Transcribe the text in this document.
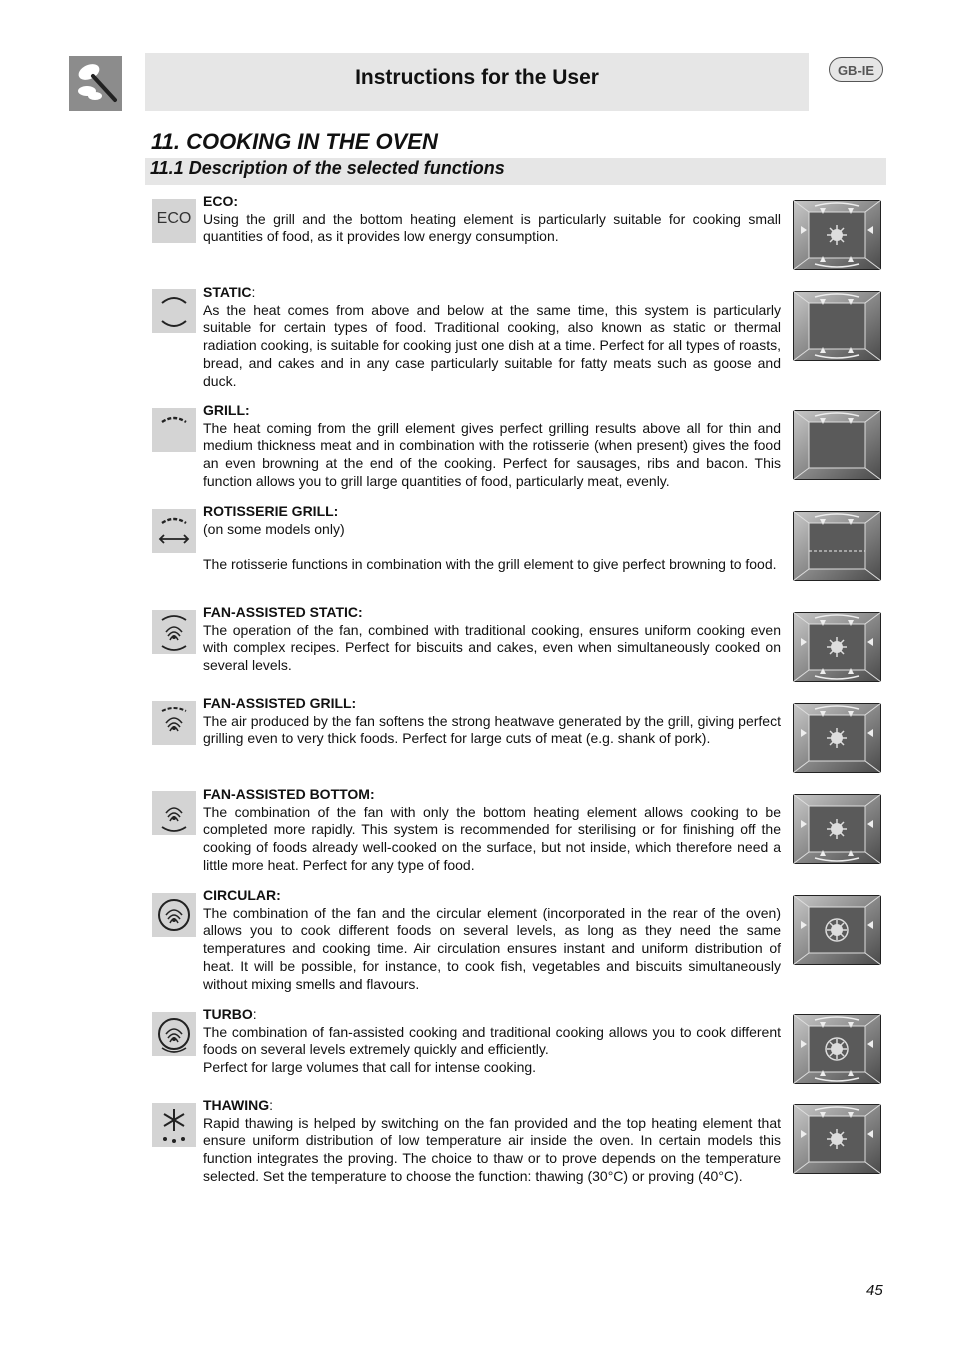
Instructions for the User	GB-IE
11. COOKING IN THE OVEN
11.1 Description of the selected functions
ECO

ECO:

Using the grill and the bottom heating element is particularly suitable for cooking small quantities of food, as it provides low energy consumption.

STATIC:

As the heat comes from above and below at the same time, this system is particularly suitable for certain types of food. Traditional cooking, also known as static or thermal radiation cooking, is suitable for cooking just one dish at a time. Perfect for all types of roasts, bread, and cakes and in any case particularly suitable for fatty meats such as goose and duck.

GRILL:

The heat coming from the grill element gives perfect grilling results above all for thin and medium thickness meat and in combination with the rotisserie (when present) gives the food an even browning at the end of the cooking. Perfect for sausages, ribs and bacon. This function allows you to grill large quantities of food, particularly meat, evenly.

ROTISSERIE GRILL:

(on some models only)

The rotisserie functions in combination with the grill element to give perfect browning to food.

FAN-ASSISTED STATIC:

The operation of the fan, combined with traditional cooking, ensures uniform cooking even with complex recipes. Perfect for biscuits and cakes, even when simultaneously cooked on several levels.

FAN-ASSISTED GRILL:

The air produced by the fan softens the strong heatwave generated by the grill, giving perfect grilling even to very thick foods. Perfect for large cuts of meat (e.g. shank of pork).

FAN-ASSISTED BOTTOM:

The combination of the fan with only the bottom heating element allows cooking to be completed more rapidly. This system is recommended for sterilising or for finishing off the cooking of foods already well-cooked on the surface, but not inside, which therefore need a little more heat. Perfect for any type of food.

CIRCULAR:

The combination of the fan and the circular element (incorporated in the rear of the oven) allows you to cook different foods on several levels, as long as they need the same temperatures and cooking time. Air circulation ensures instant and uniform distribution of heat. It will be possible, for instance, to cook fish, vegetables and biscuits simultaneously without mixing smells and flavours.

TURBO:

The combination of fan-assisted cooking and traditional cooking allows you to cook different foods on several levels extremely quickly and efficiently.

Perfect for large volumes that call for intense cooking.

THAWING:

Rapid thawing is helped by switching on the fan provided and the top heating element that ensure uniform distribution of low temperature air inside the oven. In certain models this function integrates the proving. The choice to thaw or to prove depends on the temperature selected. Set the temperature to choose the function: thawing (30°C) or proving (40°C).

45
